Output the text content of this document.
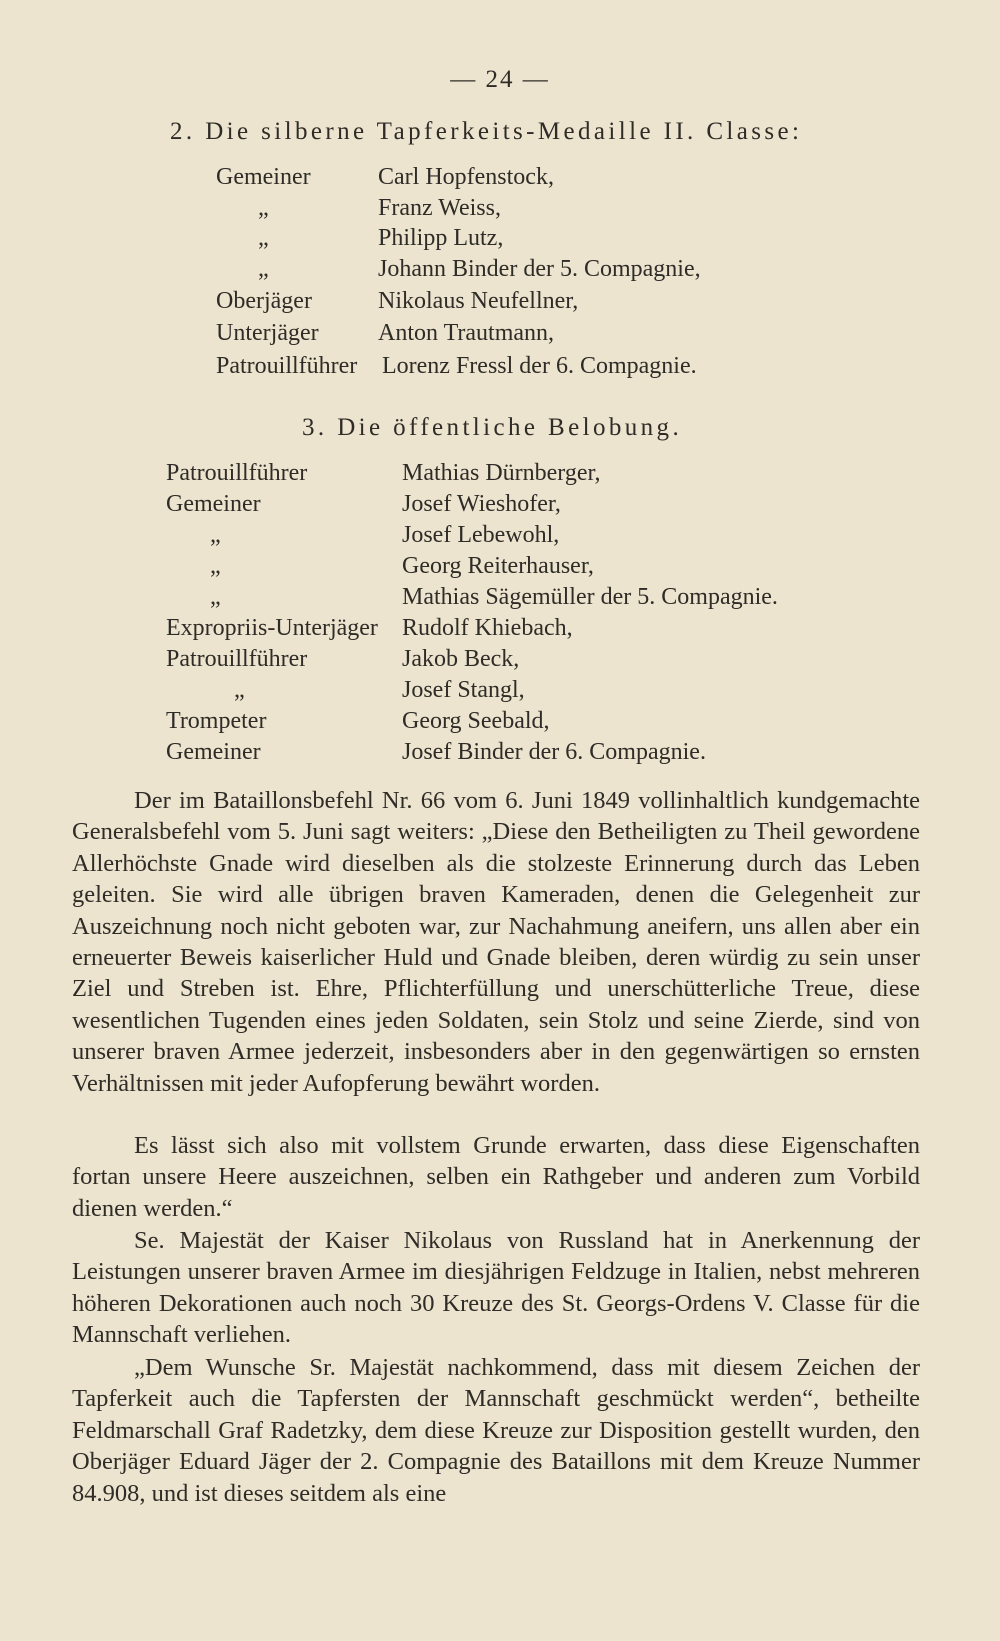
— 24 —
2. Die silberne Tapferkeits-Medaille II. Classe:
Gemeiner	Carl Hopfenstock,
„	Franz Weiss,
„	Philipp Lutz,
„	Johann Binder der 5. Compagnie,
Oberjäger	Nikolaus Neufellner,
Unterjäger Anton Trautmann,
Patrouillführer Lorenz Fressl der 6. Compagnie.
3. Die öffentliche Belobung.
Patrouillführer	Mathias Dürnberger,
Gemeiner	Josef Wieshofer,
„	Josef Lebewohl,
„	Georg Reiterhauser,
„	Mathias Sägemüller der 5. Compagnie.
Expropriis-Unterjäger Rudolf Khiebach,
Patrouillführer	Jakob Beck,
„	Josef Stangl,
Trompeter	Georg Seebald,
Gemeiner	Josef Binder der 6. Compagnie.

Der im Bataillonsbefehl Nr. 66 vom 6. Juni 1849 vollinhaltlich kundgemachte Generalsbefehl vom 5. Juni sagt weiters: „Diese den Betheiligten zu Theil gewordene Allerhöchste Gnade wird dieselben als die stolzeste Erinnerung durch das Leben geleiten. Sie wird alle übrigen braven Kameraden, denen die Gelegenheit zur Auszeichnung noch nicht geboten war, zur Nachahmung aneifern, uns allen aber ein erneuerter Beweis kaiserlicher Huld und Gnade bleiben, deren würdig zu sein unser Ziel und Streben ist. Ehre, Pflichterfüllung und unerschütterliche Treue, diese wesentlichen Tugenden eines jeden Soldaten, sein Stolz und seine Zierde, sind von unserer braven Armee jederzeit, insbesonders aber in den gegenwärtigen so ernsten Verhältnissen mit jeder Aufopferung bewährt worden.

Es lässt sich also mit vollstem Grunde erwarten, dass diese Eigenschaften fortan unsere Heere auszeichnen, selben ein Rathgeber und anderen zum Vorbild dienen werden.“

Se. Majestät der Kaiser Nikolaus von Russland hat in Anerkennung der Leistungen unserer braven Armee im diesjährigen Feldzuge in Italien, nebst mehreren höheren Dekorationen auch noch 30 Kreuze des St. Georgs-Ordens V. Classe für die Mannschaft verliehen.

„Dem Wunsche Sr. Majestät nachkommend, dass mit diesem Zeichen der Tapferkeit auch die Tapfersten der Mannschaft geschmückt werden“, betheilte Feldmarschall Graf Radetzky, dem diese Kreuze zur Disposition gestellt wurden, den Oberjäger Eduard Jäger der 2. Compagnie des Bataillons mit dem Kreuze Nummer 84.908, und ist dieses seitdem als eine
